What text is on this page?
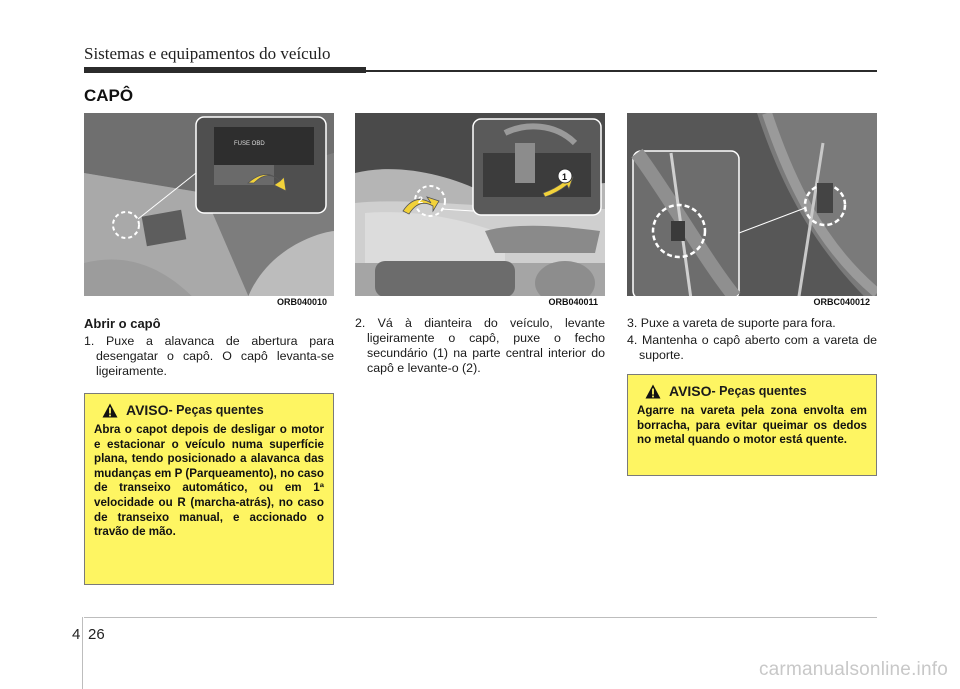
Sistemas e equipamentos do veículo
CAPÔ
FUSE OBD
ORB040010
2
1
ORB040011	ORBC040012
Abrir o capô
1. Puxe a alavanca de abertura para desengatar o capô. O capô levanta-se ligeiramente.
2. Vá à dianteira do veículo, levante ligeiramente o capô, puxe o fecho secundário (1) na parte central interior do capô e levante-o (2).
3. Puxe a vareta de suporte para fora.
4. Mantenha o capô aberto com a vareta de suporte.
AVISO - Peças quentes
Abra o capot depois de desligar o motor e estacionar o veículo numa superfície plana, tendo posicionado a alavanca das mudanças em P (Parqueamento), no caso de transeixo automático, ou em 1ª velocidade ou R (marcha-atrás), no caso de transeixo manual, e accionado o travão de mão.
AVISO - Peças quentes
Agarre na vareta pela zona envolta em borracha, para evitar queimar os dedos no metal quando o motor está quente.
4 26
carmanualsonline.info
